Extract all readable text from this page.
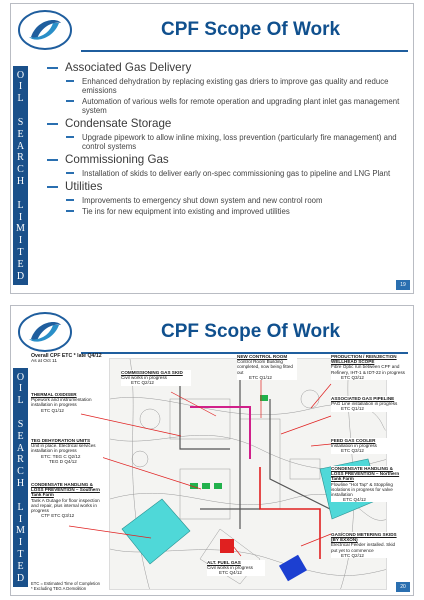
CPF Scope Of Work
O
I
L
S
E
A
R
C
H
L
I
M
I
T
E
D
Associated Gas Delivery
Enhanced dehydration by replacing existing gas driers to improve gas quality and reduce emissions
Automation of various wells for remote operation and upgrading plant inlet gas management system
Condensate Storage
Upgrade pipework to allow inline mixing, loss prevention (particularly fire management) and control systems
Commissioning Gas
Installation of skids to deliver early on-spec commissioning gas to pipeline and LNG Plant
Utilities
Improvements to emergency shut down system and new control room
Tie ins for new equipment into existing and improved utilities
19
CPF Scope Of Work
O
I
L
S
E
A
R
C
H
L
I
M
I
T
E
D
Overall CPF ETC * late Q4/12
As at Oct 11
THERMAL OXIDISER
Pipework and instrumentation installation in progress
ETC Q1/12
TEG DEHYDRATION UNITS
Unit in place. Electrical services installation in progress
ETC: TEG C Q2/12
TEG D Q4/12
CONDENSATE HANDLING & LOSS PREVENTION – Southern Tank Farm
Tank A Outage for floor inspection and repair, plus internal works in progress
CTF ETC Q3/12
COMMISSIONING GAS SKID
Civil works in progress
ETC Q2/12
NEW CONTROL ROOM
Control Room Building completed, now being fitted out
ETC Q1/12
PRODUCTION / REINJECTION WELLHEAD SCOPE
Fibre Optic run between CPF and Refinery, IHT-1 & IDT-22 in progress
ETC Q3/12
ASSOCIATED GAS PIPELINE
PAG Line installation in progress
ETC Q1/12
FEED GAS COOLER
Installation in progress
ETC Q3/12
CONDENSATE HANDLING & LOSS PREVENTION – Northern Tank Farm
Flowline "Hot Tap" & Stoppling isolations in progress for valve installation
ETC Q4/12
GAS/COND METERING SKIDS (BY EXXON)
Electrical Feeder installed. Skid put yet to commence
ETC Q2/12
ALT. FUEL GAS
Civil works in progress
ETC Q4/12
ETC = Estimated Time of Completion
* Excluding TEG A Demolition	20
